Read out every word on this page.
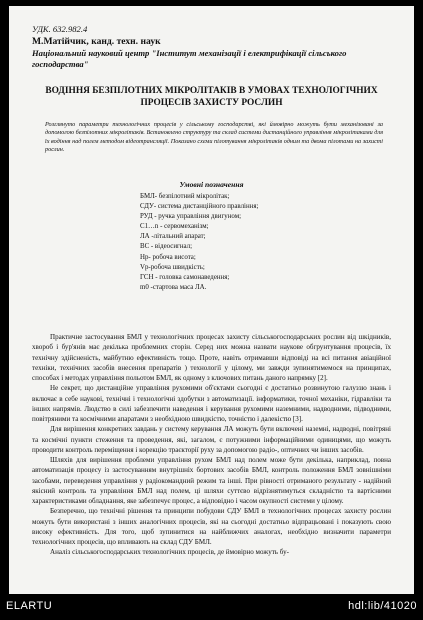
УДК. 632.982.4
М.Матійчик, канд. техн. наук
Національний науковий центр "Інститут механізації і електрифікації сільського господарства"
ВОДІННЯ БЕЗПІЛОТНИХ МІКРОЛІТАКІВ В УМОВАХ ТЕХНОЛОГІЧНИХ ПРОЦЕСІВ ЗАХИСТУ РОСЛИН
Розглянуто параметри технологічних процесів у сільському господарстві, які ймовірно можуть бути механізовані за допомогою безпілотних мікролітаків. Встановлено структуру та склад системи дистанційного управління мікролітаками для їх водіння над полем методом відеотрансляції. Показано схеми пілотування мікролітаків одним та двома пілотами на захисті рослин.
Умовні позначення
БМЛ- безпілотний мікролітак;
СДУ- система дистанційного правління;
РУД - ручка управління двигуном;
С1…n - сервомеханізм;
ЛА -літальний апарат;
ВС - відеосигнал;
Нр- робоча висота;
Vр-робоча швидкість;
ГСН - головка самонаведення;
m0 -стартова маса ЛА.

Практичне застосування БМЛ у технологічних процесах захисту сільськогосподарських рослин від шкідників, хвороб і бур'янів має декілька проблемних сторін. Серед них можна назвати наукове обгрунтування процесів, їх технічну здійсненість, майбутню ефективність тощо. Проте, навіть отримавши відповіді на всі питання авіаційної техніки, технічних засобів внесення препаратів ) технології у цілому, ми завжди зупинятимемося на принципах, способах і методах управління польотом БМЛ, як одному з ключових питань даного напрямку [2].

Не секрет, що дистанційне управління рухомими об'єктами сьогодні є достатньо розвинутою галуззю знань і включає в себе наукові, технічні і технологічні здобутки з автоматизації. інформатики, точної механіки, гідравліки та інших напрямів. Людство в силі забезпечити наведення і керування рухомими наземними, надводними, підводними, повітряними та космічними апаратами з необхідною швидкістю, точністю і далекістю [3].

Для вирішення конкретних завдань у систему керування ЛА можуть бути включені наземні, надводні, повітряні та космічні пункти стеження та проведення, які, загалом, є потужними інформаційними одиницями, що можуть проводити контроль переміщення і корекцію траєкторії руху за допомогою радіо-, оптичних чи інших засобів.

Шляхів для вирішення проблеми управління рухом БМЛ над полем може бути декілька, наприклад, повна автоматизація процесу із застосуванням внутрішніх бортових засобів БМЛ, контроль положення БМЛ зовнішніми засобами, переведення управління у радіокомандний режим та інші. При рівності отриманого результату - надійний якісний контроль та управління БМЛ над полем, ці шляхи суттєво відрізнятимуться складністю та вартісними характеристиками обладнання, яке забезпечує процес, а відповідно і часом окупності системи у цілому.

Безперечно, що технічні рішення та принципи побудови СДУ БМЛ в технологічних процесах захисту рослин можуть бути використані з інших аналогічних процесів, які на сьогодні достатньо відпрацьовані і показують свою високу ефективність. Для того, щоб зупинитися на найближчих аналогах, необхідно визначити параметри технологічних процесів, що впливають на склад СДУ БМЛ.

Аналіз сільськогосподарських технологічних процесів, де ймовірно можуть бу-

ELARTU	hdl:lib/41020
